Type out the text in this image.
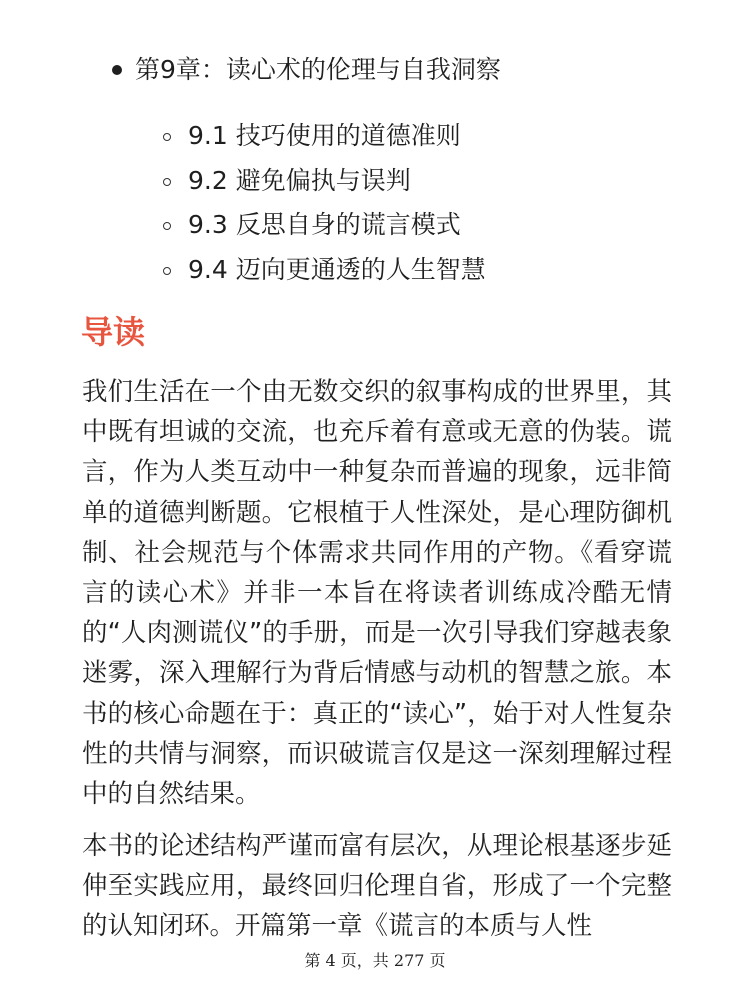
第9章：读心术的伦理与自我洞察
9.1 技巧使用的道德准则
9.2 避免偏执与误判
9.3 反思自身的谎言模式
9.4 迈向更通透的人生智慧
导读

我们生活在一个由无数交织的叙事构成的世界里，其中既有坦诚的交流，也充斥着有意或无意的伪装。谎言，作为人类互动中一种复杂而普遍的现象，远非简单的道德判断题。它根植于人性深处，是心理防御机制、社会规范与个体需求共同作用的产物。《看穿谎言的读心术》并非一本旨在将读者训练成冷酷无情的“人肉测谎仪”的手册，而是一次引导我们穿越表象迷雾，深入理解行为背后情感与动机的智慧之旅。本书的核心命题在于：真正的“读心”，始于对人性复杂性的共情与洞察，而识破谎言仅是这一深刻理解过程中的自然结果。

本书的论述结构严谨而富有层次，从理论根基逐步延伸至实践应用，最终回归伦理自省，形成了一个完整的认知闭环。开篇第一章《谎言的本质与人性

第 4 页，共 277 页
